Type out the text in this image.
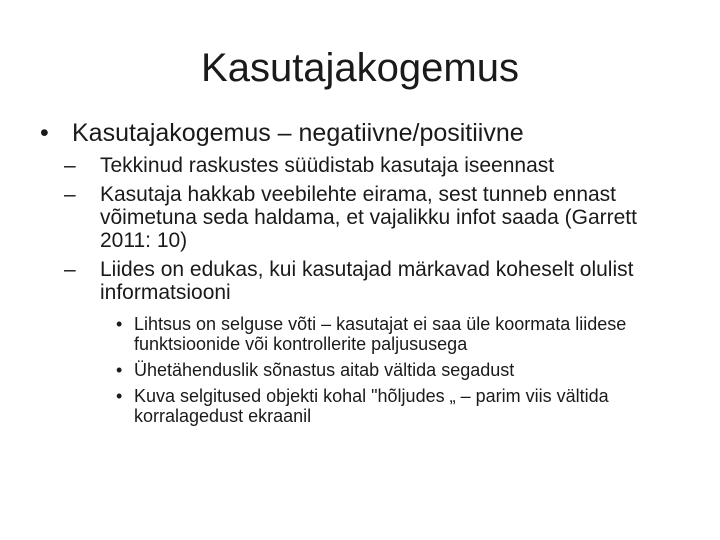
Kasutajakogemus
• Kasutajakogemus – negatiivne/positiivne
– Tekkinud raskustes süüdistab kasutaja iseennast
– Kasutaja hakkab veebilehte eirama, sest tunneb ennast võimetuna seda haldama, et vajalikku infot saada (Garrett 2011: 10)
– Liides on edukas, kui kasutajad märkavad koheselt olulist informatsiooni
• Lihtsus on selguse võti – kasutajat ei saa üle koormata liidese funktsioonide või kontrollerite paljususega
• Ühetähenduslik sõnastus aitab vältida segadust
• Kuva selgitused objekti kohal "hõljudes „ – parim viis vältida korralagedust ekraanil
